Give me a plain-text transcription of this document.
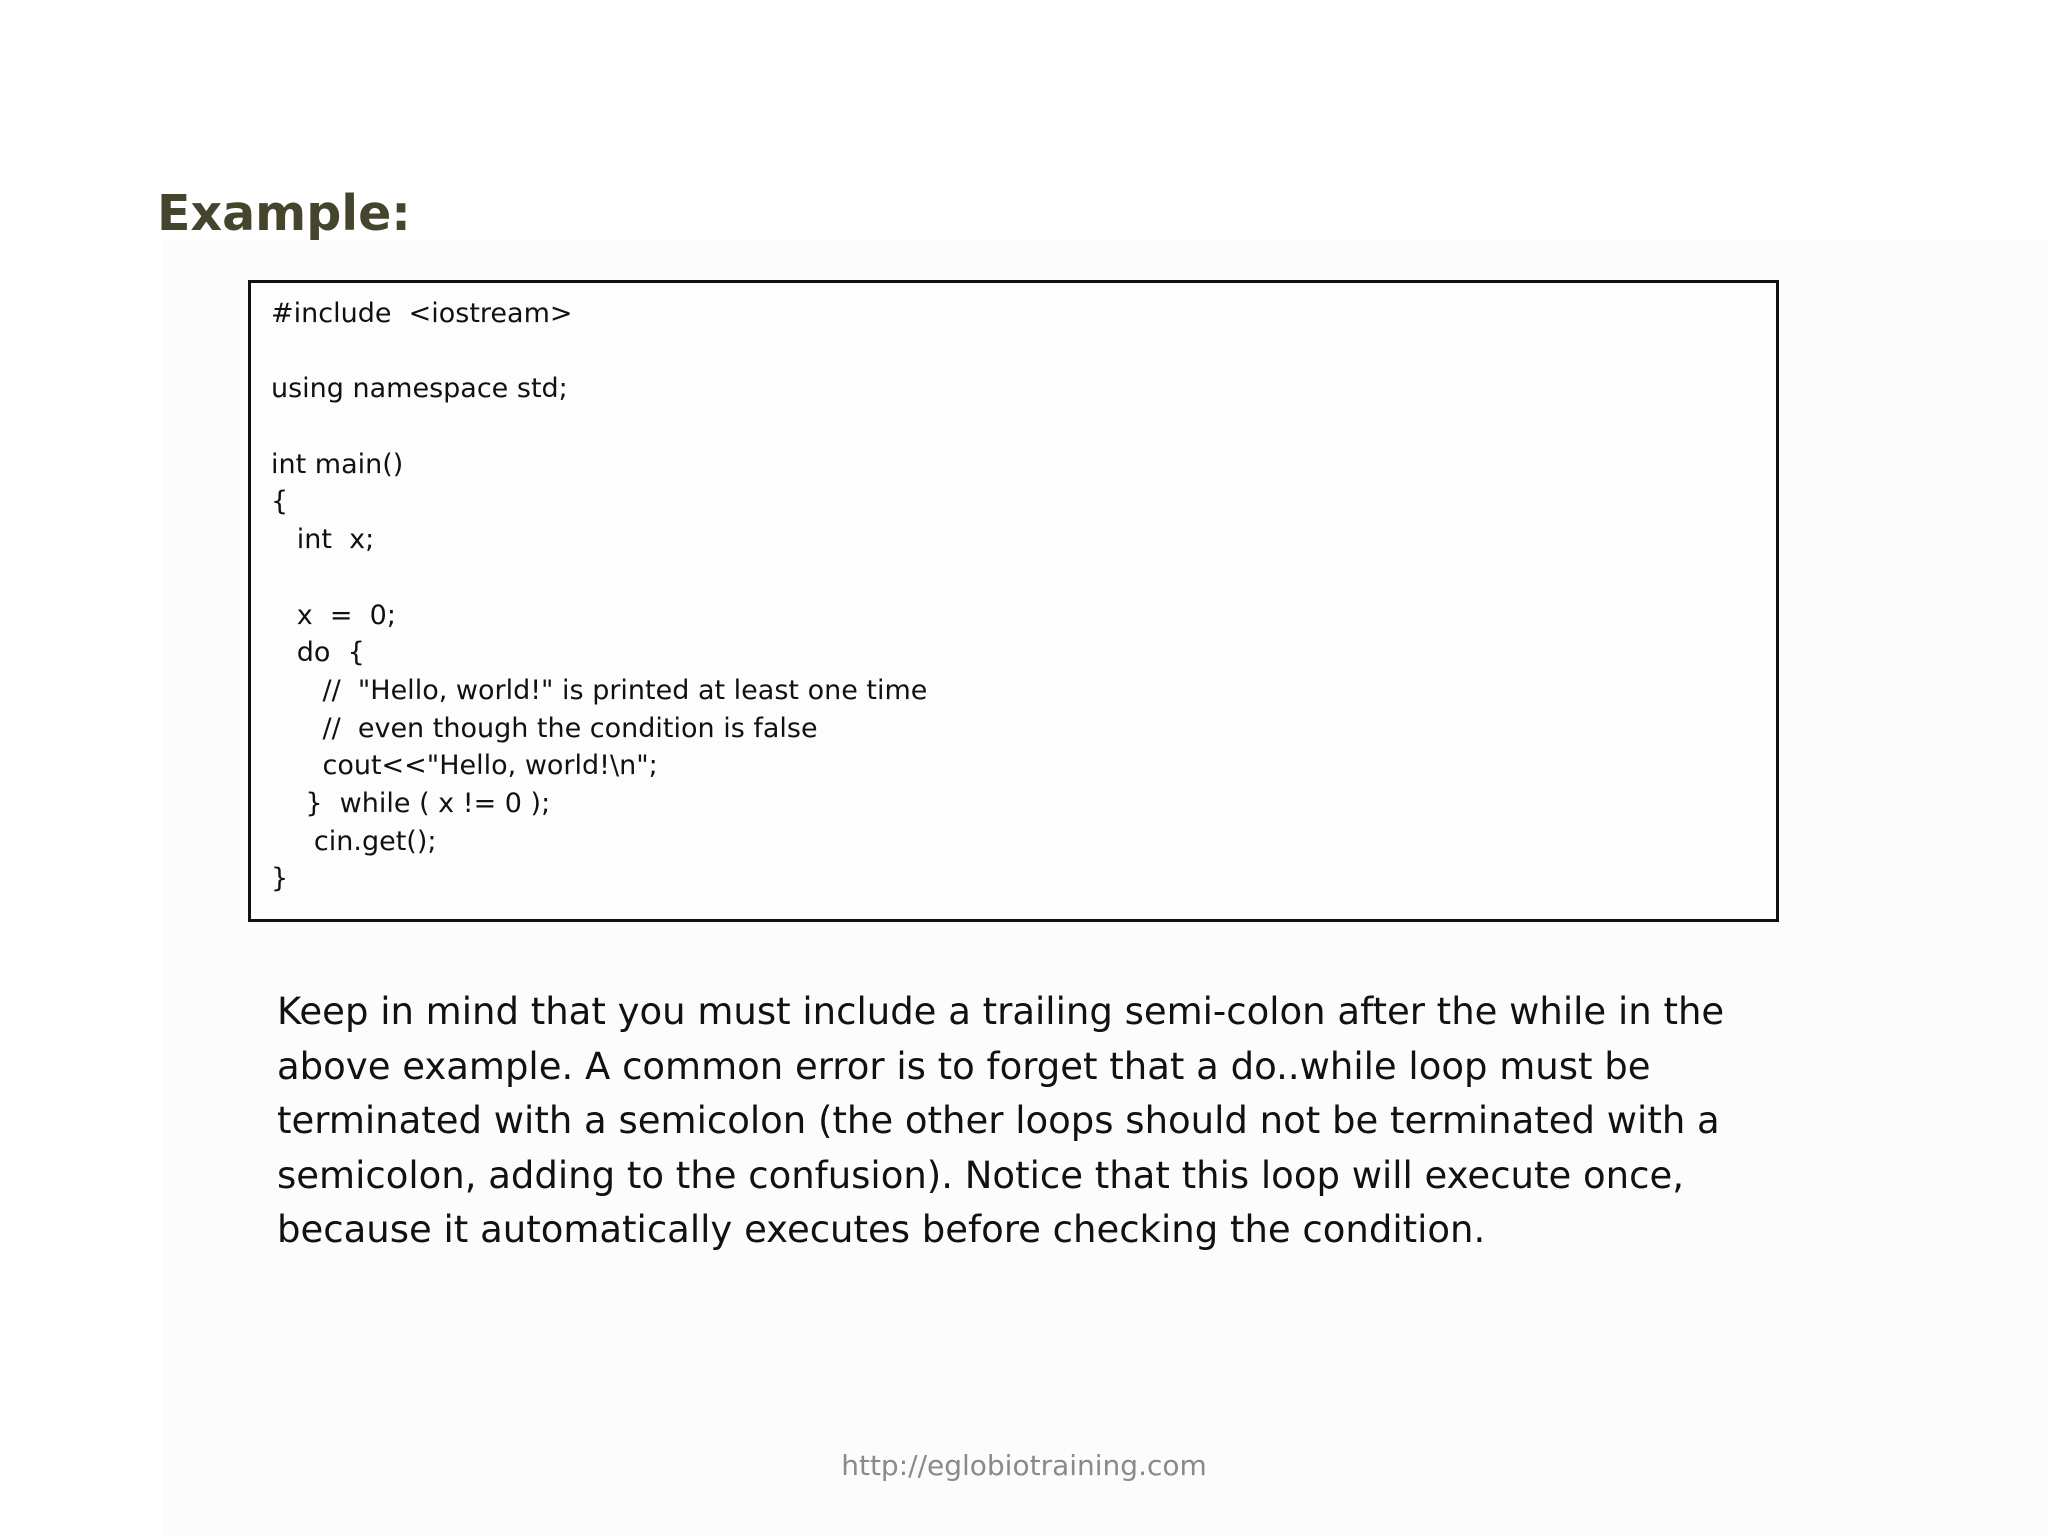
Example:
#include  <iostream>
using namespace std;
int main()
{
int  x;
x  =  0;
do  {
//  "Hello, world!" is printed at least one time
//  even though the condition is false
cout<<"Hello, world!\n";
}  while ( x != 0 );
cin.get();
}

Keep in mind that you must include a trailing semi-colon after the while in the above example. A common error is to forget that a do..while loop must be terminated with a semicolon (the other loops should not be terminated with a semicolon, adding to the confusion). Notice that this loop will execute once, because it automatically executes before checking the condition.

http://eglobiotraining.com
